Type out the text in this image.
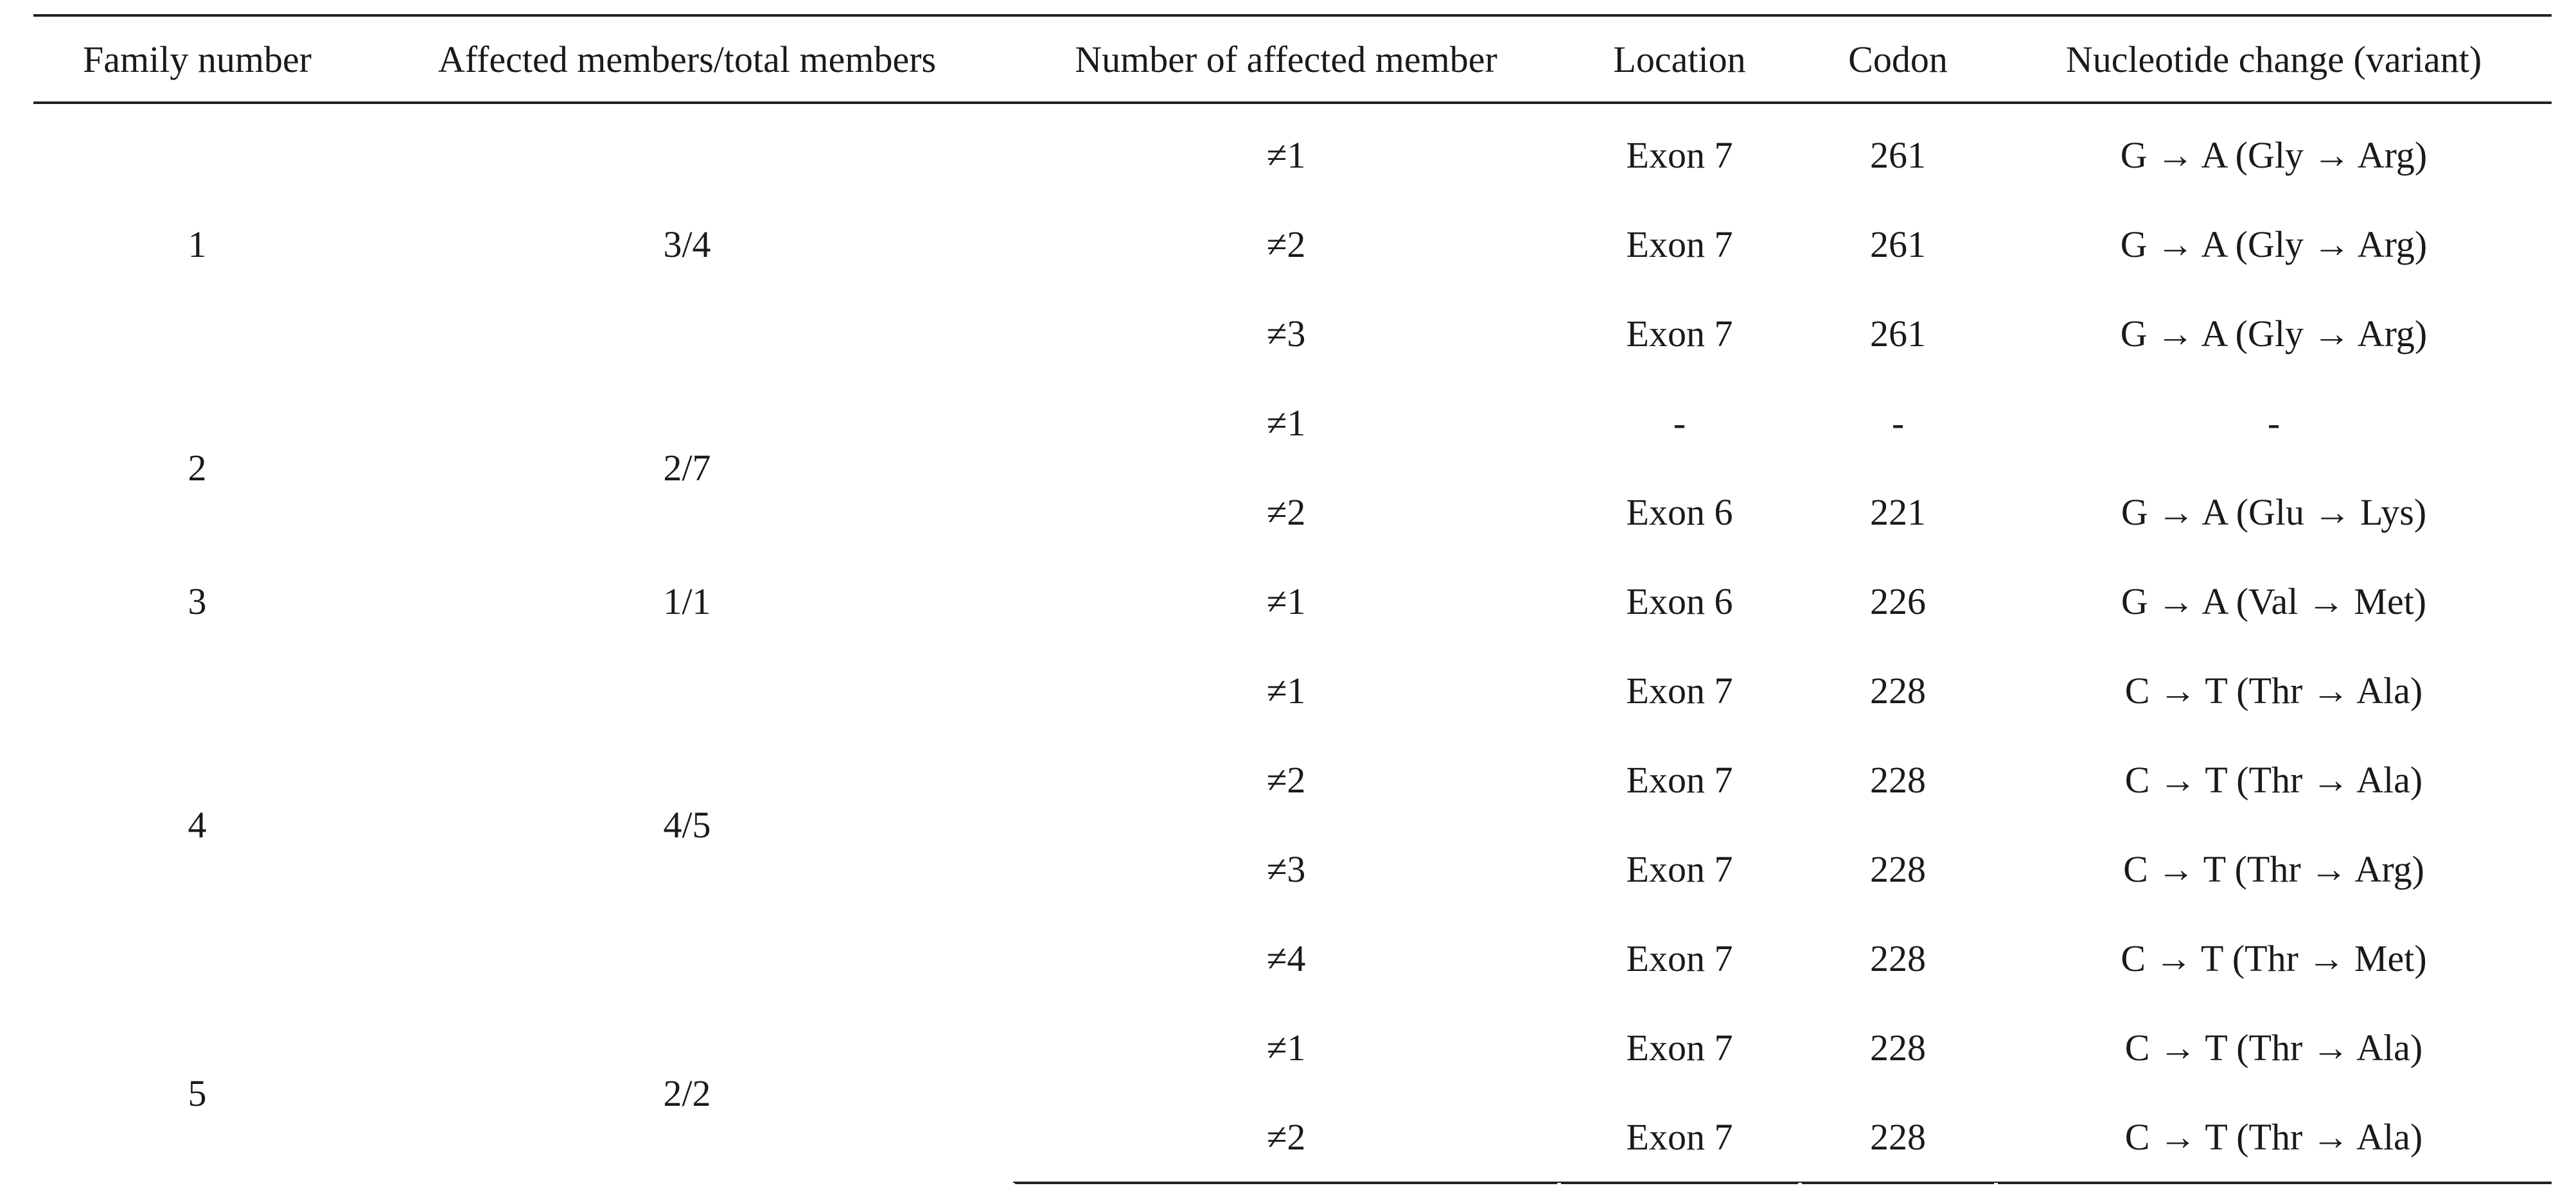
Family number	Affected members/total members	Number of affected member	Location	Codon	Nucleotide change (variant)
1	3/4	≠1	Exon 7	261	G → A (Gly → Arg)
		≠2	Exon 7	261	G → A (Gly → Arg)
		≠3	Exon 7	261	G → A (Gly → Arg)
2	2/7	≠1	-	-	-
		≠2	Exon 6	221	G → A (Glu → Lys)
3	1/1	≠1	Exon 6	226	G → A (Val → Met)
4	4/5	≠1	Exon 7	228	C → T (Thr → Ala)
		≠2	Exon 7	228	C → T (Thr → Ala)
		≠3	Exon 7	228	C → T (Thr → Arg)
		≠4	Exon 7	228	C → T (Thr → Met)
5	2/2	≠1	Exon 7	228	C → T (Thr → Ala)
		≠2	Exon 7	228	C → T (Thr → Ala)
